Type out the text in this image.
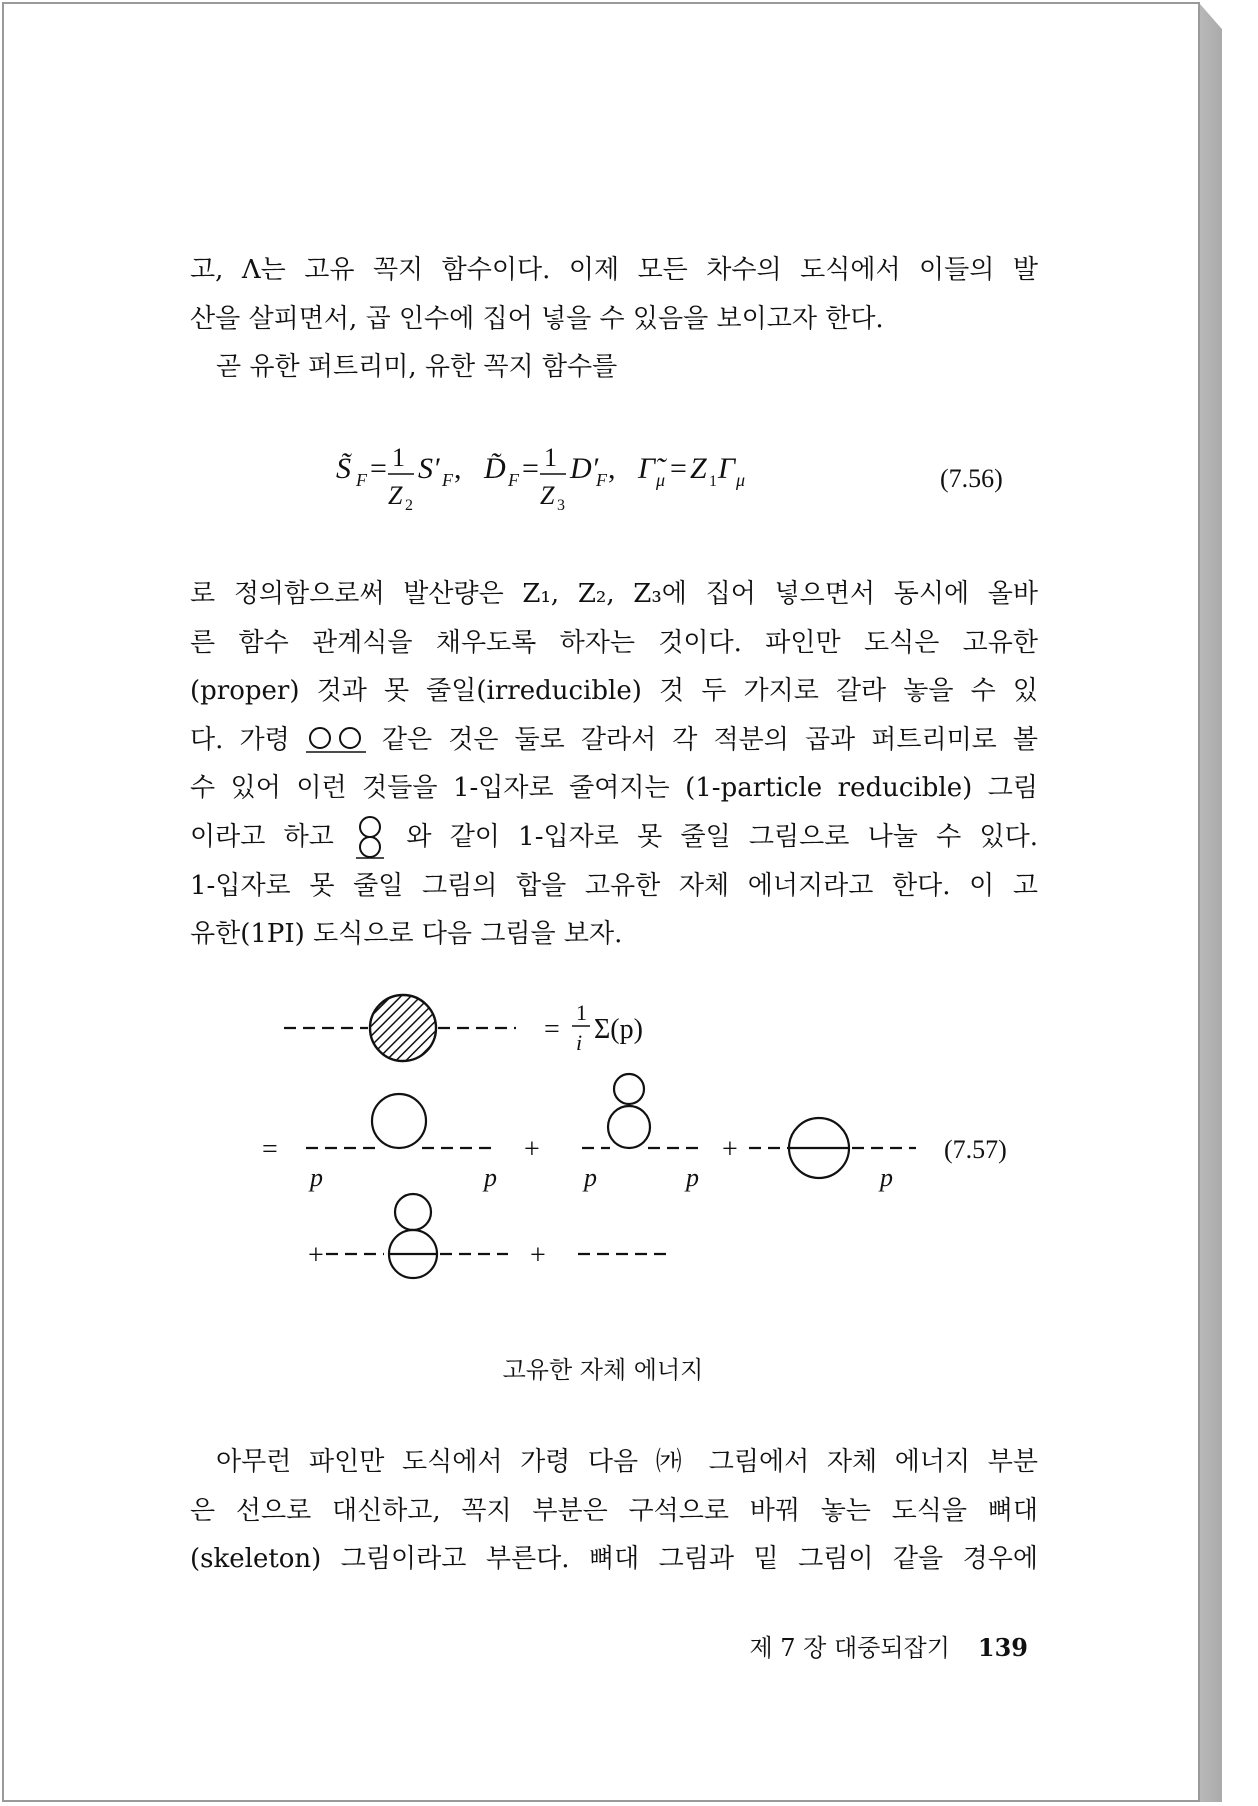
고, Λ는 고유 꼭지 함수이다. 이제 모든 차수의 도식에서 이들의 발
산을 살피면서, 곱 인수에 집어 넣을 수 있음을 보이고자 한다.
곧 유한 퍼트리미, 유한 꼭지 함수를
S̃ F = 1
Z 2
S′ F , D̃ F = 1
Z 3
D′
F , Γ̃ μ = Z 1 Γ μ	(7.56)
로 정의함으로써 발산량은 Z₁, Z₂, Z₃에 집어 넣으면서 동시에 올바
른 함수 관계식을 채우도록 하자는 것이다. 파인만 도식은 고유한
(proper) 것과 못 줄일(irreducible) 것 두 가지로 갈라 놓을 수 있
다. 가령	같은 것은 둘로 갈라서 각 적분의 곱과 퍼트리미로 볼
수 있어 이런 것들을 1-입자로 줄여지는 (1-particle reducible) 그림
이라고 하고	와 같이 1-입자로 못 줄일 그림으로 나눌 수 있다.
1-입자로 못 줄일 그림의 합을 고유한 자체 에너지라고 한다. 이 고
유한(1PI) 도식으로 다음 그림을 보자.
=
1
i Σ(p)
=
p	p
+
p	p
+
p
(7.57)
+	+
고유한 자체 에너지
아무런 파인만 도식에서 가령 다음 ㈎ 그림에서 자체 에너지 부분
은 선으로 대신하고, 꼭지 부분은 구석으로 바꿔 놓는 도식을 뼈대
(skeleton) 그림이라고 부른다. 뼈대 그림과 밑 그림이 같을 경우에
제 7 장 대중되잡기 139
